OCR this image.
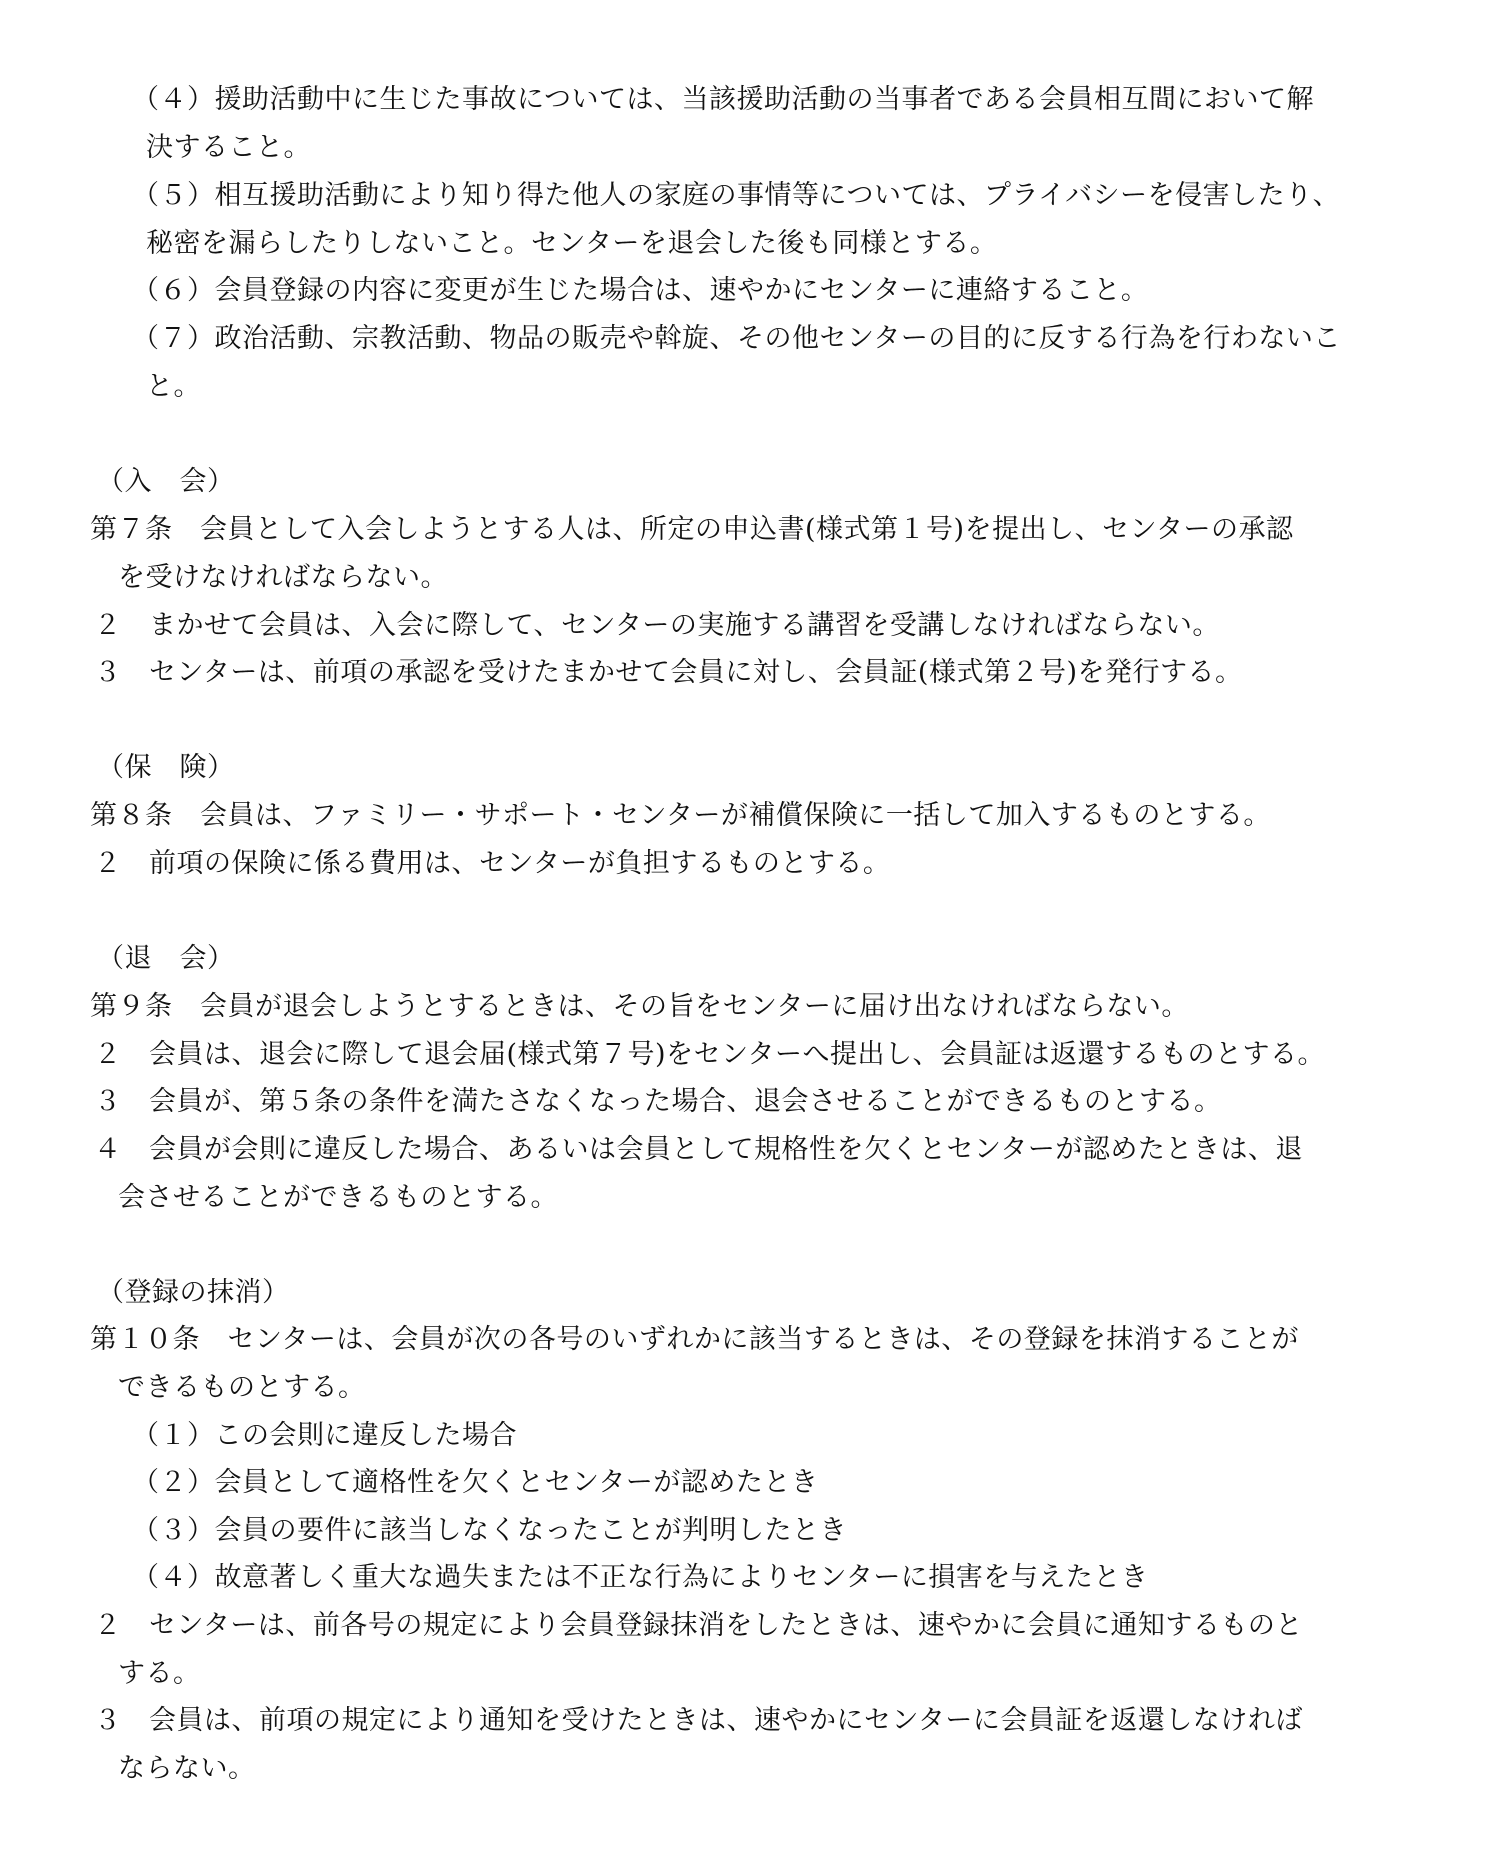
（４）援助活動中に生じた事故については、当該援助活動の当事者である会員相互間において解
決すること。
（５）相互援助活動により知り得た他人の家庭の事情等については、プライバシーを侵害したり、
秘密を漏らしたりしないこと。センターを退会した後も同様とする。
（６）会員登録の内容に変更が生じた場合は、速やかにセンターに連絡すること。
（７）政治活動、宗教活動、物品の販売や斡旋、その他センターの目的に反する行為を行わないこ
と。
（入　会）
第７条　会員として入会しようとする人は、所定の申込書(様式第１号)を提出し、センターの承認
を受けなければならない。
２　まかせて会員は、入会に際して、センターの実施する講習を受講しなければならない。
３　センターは、前項の承認を受けたまかせて会員に対し、会員証(様式第２号)を発行する。
（保　険）
第８条　会員は、ファミリー・サポート・センターが補償保険に一括して加入するものとする。
２　前項の保険に係る費用は、センターが負担するものとする。
（退　会）
第９条　会員が退会しようとするときは、その旨をセンターに届け出なければならない。
２　会員は、退会に際して退会届(様式第７号)をセンターへ提出し、会員証は返還するものとする。
３　会員が、第５条の条件を満たさなくなった場合、退会させることができるものとする。
４　会員が会則に違反した場合、あるいは会員として規格性を欠くとセンターが認めたときは、退
会させることができるものとする。
（登録の抹消）
第１０条　センターは、会員が次の各号のいずれかに該当するときは、その登録を抹消することが
できるものとする。
（１）この会則に違反した場合
（２）会員として適格性を欠くとセンターが認めたとき
（３）会員の要件に該当しなくなったことが判明したとき
（４）故意著しく重大な過失または不正な行為によりセンターに損害を与えたとき
２　センターは、前各号の規定により会員登録抹消をしたときは、速やかに会員に通知するものと
する。
３　会員は、前項の規定により通知を受けたときは、速やかにセンターに会員証を返還しなければ
ならない。
